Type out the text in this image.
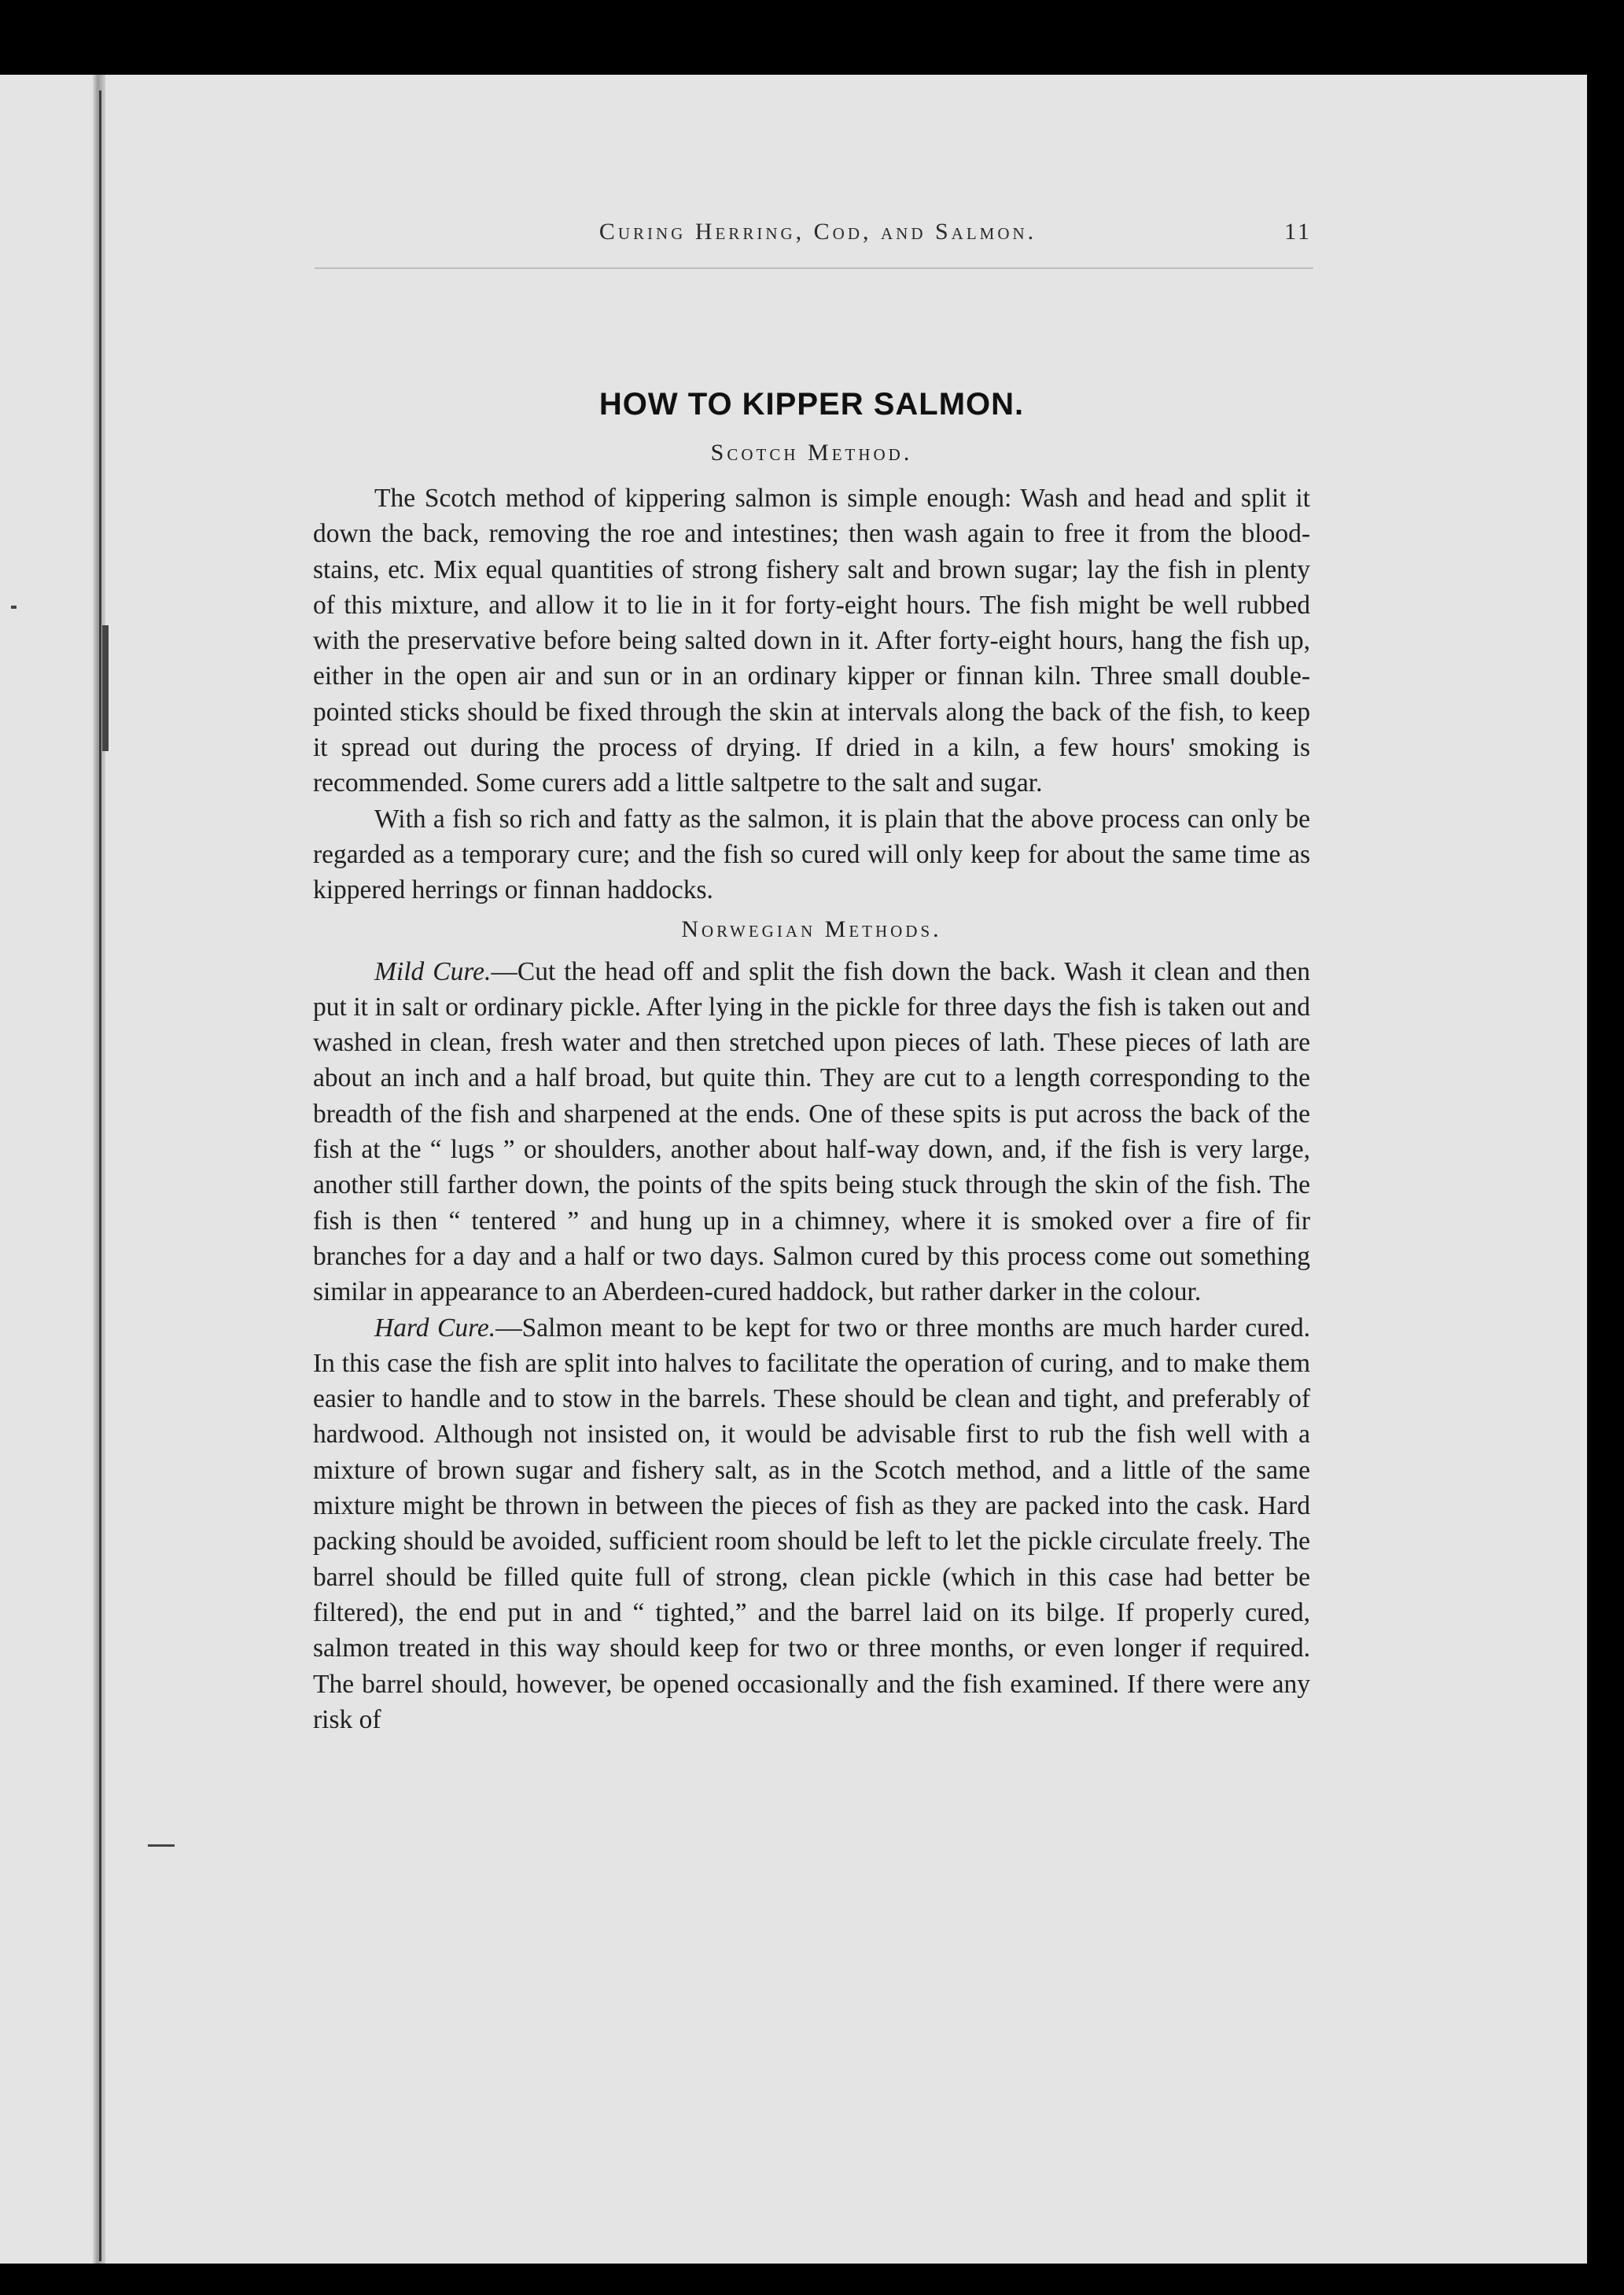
Curing Herring, Cod, and Salmon.	11
HOW TO KIPPER SALMON.
Scotch Method.

The Scotch method of kippering salmon is simple enough: Wash and head and split it down the back, removing the roe and intestines; then wash again to free it from the blood-stains, etc. Mix equal quantities of strong fishery salt and brown sugar; lay the fish in plenty of this mixture, and allow it to lie in it for forty-eight hours. The fish might be well rubbed with the preservative before being salted down in it. After forty-eight hours, hang the fish up, either in the open air and sun or in an ordinary kipper or finnan kiln. Three small double-pointed sticks should be fixed through the skin at intervals along the back of the fish, to keep it spread out during the process of drying. If dried in a kiln, a few hours' smoking is recommended. Some curers add a little saltpetre to the salt and sugar.

With a fish so rich and fatty as the salmon, it is plain that the above process can only be regarded as a temporary cure; and the fish so cured will only keep for about the same time as kippered herrings or finnan haddocks.

Norwegian Methods.

Mild Cure.—Cut the head off and split the fish down the back. Wash it clean and then put it in salt or ordinary pickle. After lying in the pickle for three days the fish is taken out and washed in clean, fresh water and then stretched upon pieces of lath. These pieces of lath are about an inch and a half broad, but quite thin. They are cut to a length corresponding to the breadth of the fish and sharpened at the ends. One of these spits is put across the back of the fish at the “ lugs ” or shoulders, another about half-way down, and, if the fish is very large, another still farther down, the points of the spits being stuck through the skin of the fish. The fish is then “ tentered ” and hung up in a chimney, where it is smoked over a fire of fir branches for a day and a half or two days. Salmon cured by this process come out something similar in appearance to an Aberdeen-cured haddock, but rather darker in the colour.

Hard Cure.—Salmon meant to be kept for two or three months are much harder cured. In this case the fish are split into halves to facilitate the operation of curing, and to make them easier to handle and to stow in the barrels. These should be clean and tight, and preferably of hardwood. Although not insisted on, it would be advisable first to rub the fish well with a mixture of brown sugar and fishery salt, as in the Scotch method, and a little of the same mixture might be thrown in between the pieces of fish as they are packed into the cask. Hard packing should be avoided, sufficient room should be left to let the pickle circulate freely. The barrel should be filled quite full of strong, clean pickle (which in this case had better be filtered), the end put in and “ tighted,” and the barrel laid on its bilge. If properly cured, salmon treated in this way should keep for two or three months, or even longer if required. The barrel should, however, be opened occasionally and the fish examined. If there were any risk of
